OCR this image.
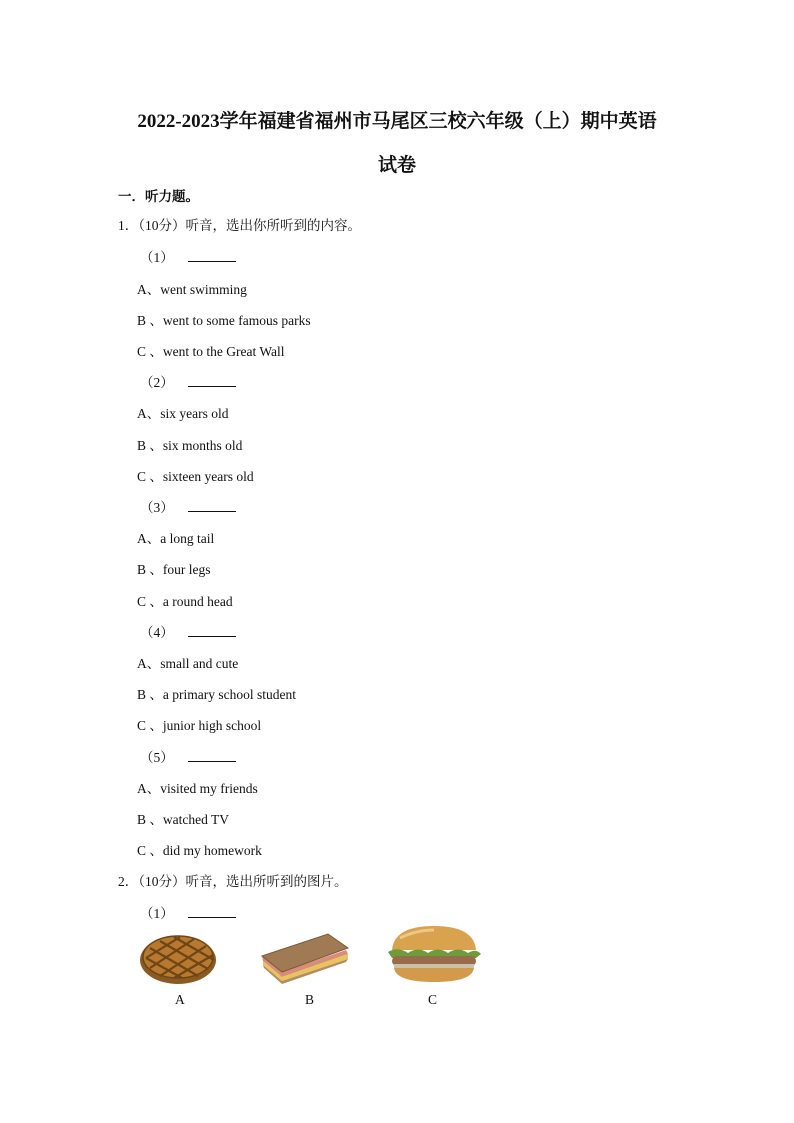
2022-2023学年福建省福州市马尾区三校六年级（上）期中英语
试卷
一．听力题。
1．（10分）听音，选出你所听到的内容。
（1）
A、went swimming
B 、went to some famous parks
C 、went to the Great Wall
（2）
A、six years old
B 、six months old
C 、sixteen years old
（3）
A、a long tail
B 、four legs
C 、a round head
（4）
A、small and cute
B 、a primary school student
C 、junior high school
（5）
A、visited my friends
B 、watched TV
C 、did my homework
2．（10分）听音，选出所听到的图片。
（1）
A	B	C
